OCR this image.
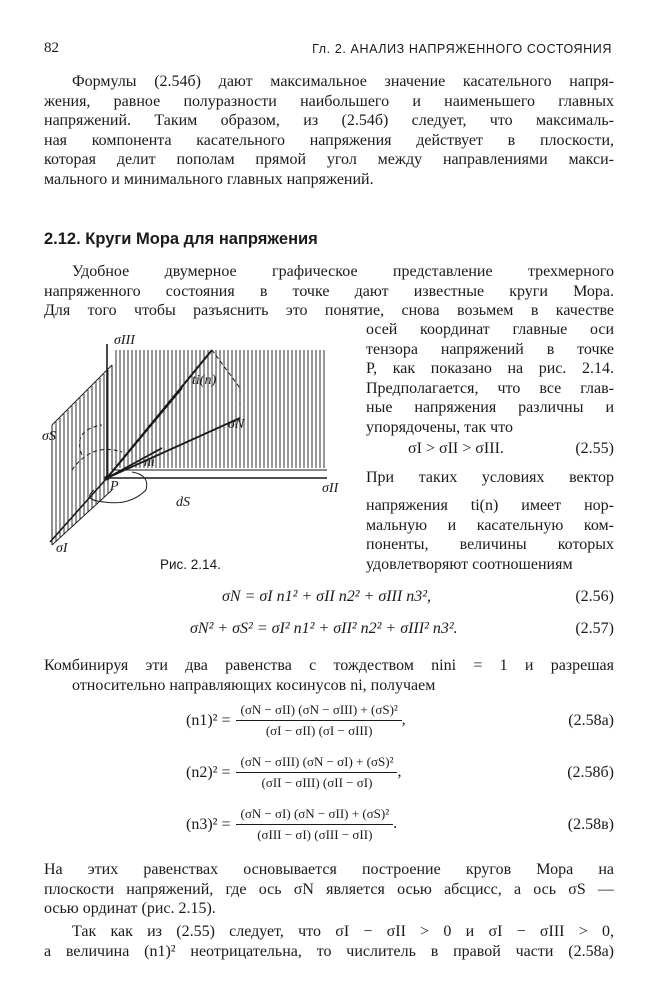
82	Гл. 2. АНАЛИЗ НАПРЯЖЕННОГО СОСТОЯНИЯ
Формулы (2.54б) дают максимальное значение касательного напря-
жения, равное полуразности наибольшего и наименьшего главных
напряжений. Таким образом, из (2.54б) следует, что максималь-
ная компонента касательного напряжения действует в плоскости,
которая делит пополам прямой угол между направлениями макси-
мального и минимального главных напряжений.
2.12. Круги Мора для напряжения
Удобное двумерное графическое представление трехмерного
напряженного состояния в точке дают известные круги Мора.
Для того чтобы разъяснить это понятие, снова возьмем в качестве
осей координат главные оси
тензора напряжений в точке
P, как показано на рис. 2.14.
Предполагается, что все глав-
ные напряжения различны и
упорядочены, так что
σI > σII > σIII.	(2.55)
При таких условиях вектор
напряжения ti(n) имеет нор-
мальную и касательную ком-
поненты, величины которых
удовлетворяют соотношениям
σIII
σII
σI
σS
σN
ti(n)
ni
P
dS
Рис. 2.14.
σN = σI n1² + σII n2² + σIII n3²,	(2.56)
σN² + σS² = σI² n1² + σII² n2² + σIII² n3².	(2.57)
Комбинируя эти два равенства с тождеством nini = 1 и разрешая
относительно направляющих косинусов ni, получаем
$(n1)^2 = \frac{\text{(σN − σII) (σN − σIII) + (σS)²}}{\text{(σI − σII) (σI − σIII)}}$ ,	(2.58а)
$(n2)^2 = \frac{\text{(σN − σIII) (σN − σI) + (σS)²}}{\text{(σII − σIII) (σII − σI)}}$ ,	(2.58б)
$(n3)^2 = \frac{\text{(σN − σI) (σN − σII) + (σS)²}}{\text{(σIII − σI) (σIII − σII)}}$ .	(2.58в)
На этих равенствах основывается построение кругов Мора на
плоскости напряжений, где ось σN является осью абсцисс, а ось σS —
осью ординат (рис. 2.15).
Так как из (2.55) следует, что σI − σII > 0 и σI − σIII > 0,
а величина (n1)² неотрицательна, то числитель в правой части (2.58а)
